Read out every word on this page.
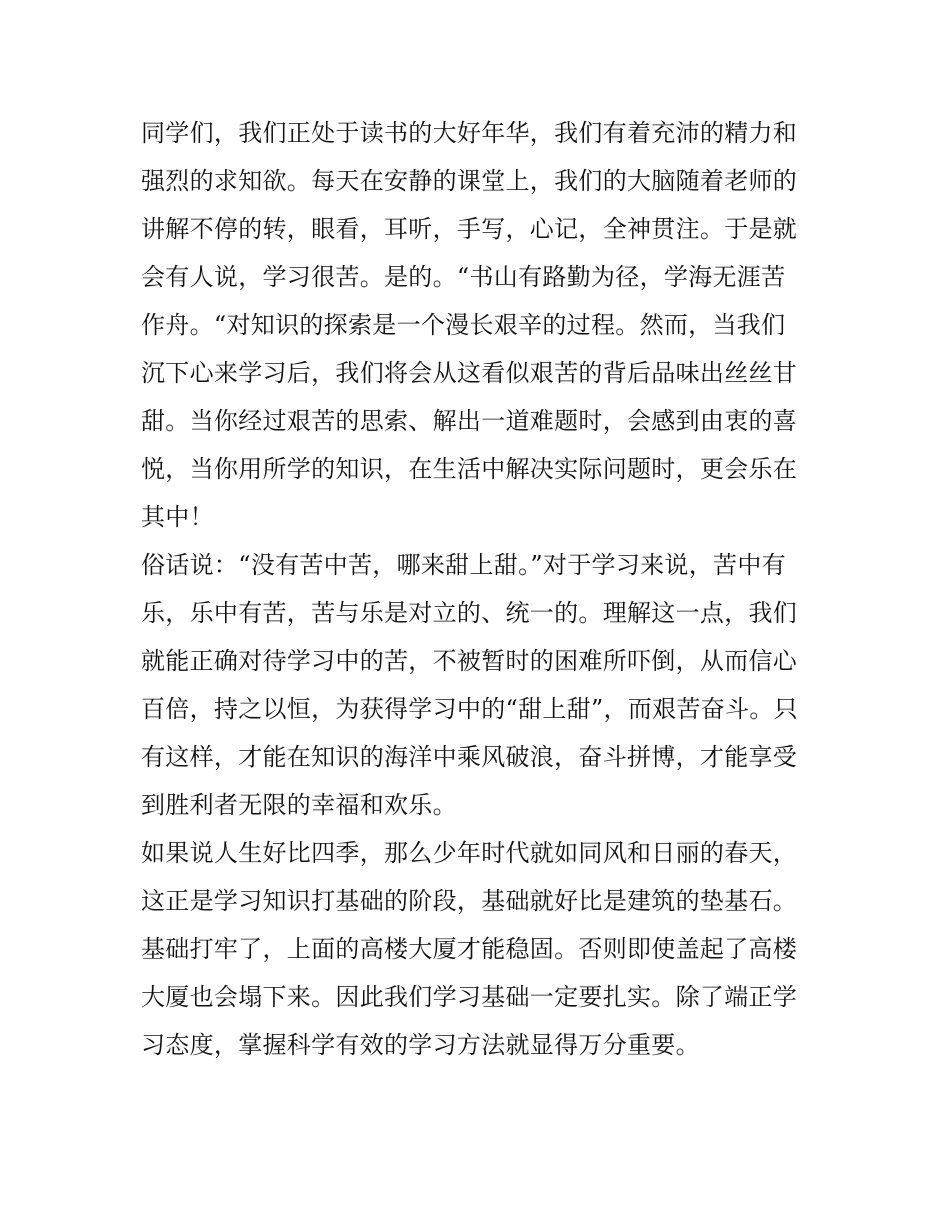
同学们，我们正处于读书的大好年华，我们有着充沛的精力和
强烈的求知欲。每天在安静的课堂上，我们的大脑随着老师的
讲解不停的转，眼看，耳听，手写，心记，全神贯注。于是就
会有人说，学习很苦。是的。“书山有路勤为径，学海无涯苦
作舟。“对知识的探索是一个漫长艰辛的过程。然而，当我们
沉下心来学习后，我们将会从这看似艰苦的背后品味出丝丝甘
甜。当你经过艰苦的思索、解出一道难题时，会感到由衷的喜
悦，当你用所学的知识，在生活中解决实际问题时，更会乐在
其中！
俗话说：“没有苦中苦，哪来甜上甜。”对于学习来说，苦中有
乐，乐中有苦，苦与乐是对立的、统一的。理解这一点，我们
就能正确对待学习中的苦，不被暂时的困难所吓倒，从而信心
百倍，持之以恒，为获得学习中的“甜上甜”，而艰苦奋斗。只
有这样，才能在知识的海洋中乘风破浪，奋斗拼博，才能享受
到胜利者无限的幸福和欢乐。
如果说人生好比四季，那么少年时代就如同风和日丽的春天，
这正是学习知识打基础的阶段，基础就好比是建筑的垫基石。
基础打牢了，上面的高楼大厦才能稳固。否则即使盖起了高楼
大厦也会塌下来。因此我们学习基础一定要扎实。除了端正学
习态度，掌握科学有效的学习方法就显得万分重要。
